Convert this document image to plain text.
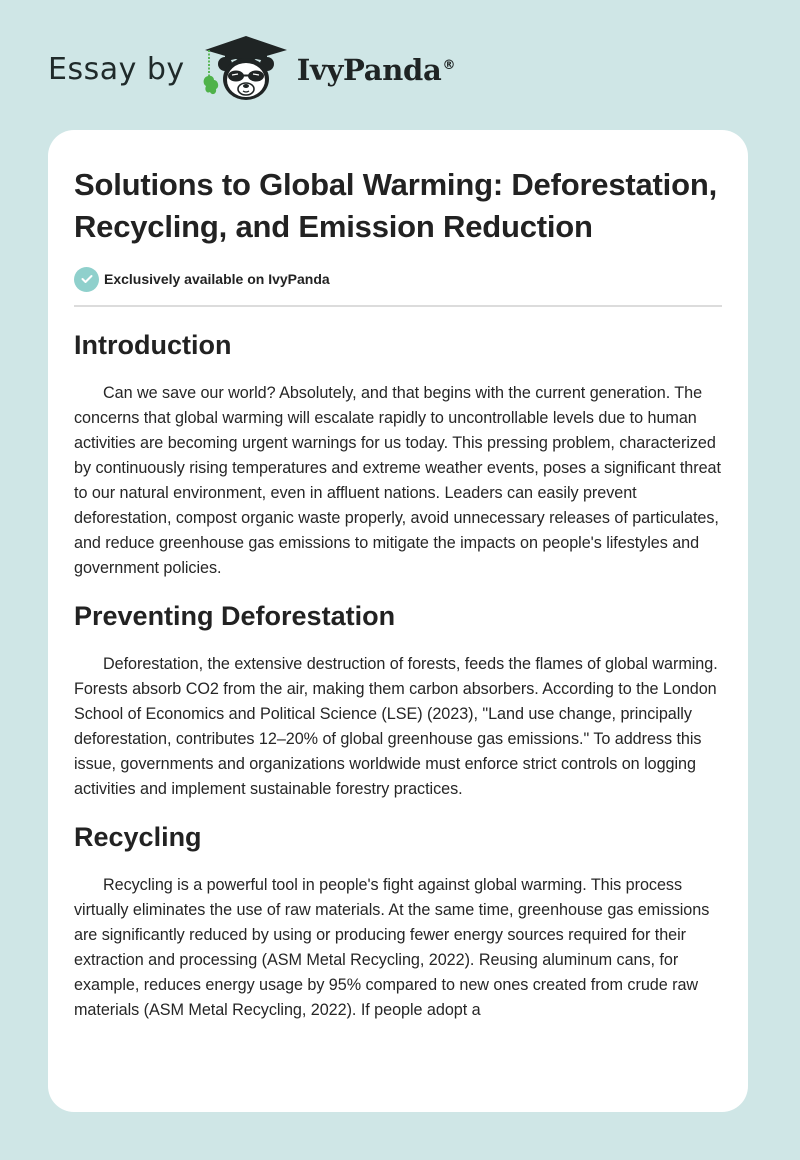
Essay by	IvyPanda®
Solutions to Global Warming: Deforestation, Recycling, and Emission Reduction
Exclusively available on IvyPanda
Introduction

Can we save our world? Absolutely, and that begins with the current generation. The concerns that global warming will escalate rapidly to uncontrollable levels due to human activities are becoming urgent warnings for us today. This pressing problem, characterized by continuously rising temperatures and extreme weather events, poses a significant threat to our natural environment, even in affluent nations. Leaders can easily prevent deforestation, compost organic waste properly, avoid unnecessary releases of particulates, and reduce greenhouse gas emissions to mitigate the impacts on people's lifestyles and government policies.

Preventing Deforestation

Deforestation, the extensive destruction of forests, feeds the flames of global warming. Forests absorb CO2 from the air, making them carbon absorbers. According to the London School of Economics and Political Science (LSE) (2023), "Land use change, principally deforestation, contributes 12–20% of global greenhouse gas emissions." To address this issue, governments and organizations worldwide must enforce strict controls on logging activities and implement sustainable forestry practices.

Recycling

Recycling is a powerful tool in people's fight against global warming. This process virtually eliminates the use of raw materials. At the same time, greenhouse gas emissions are significantly reduced by using or producing fewer energy sources required for their extraction and processing (ASM Metal Recycling, 2022). Reusing aluminum cans, for example, reduces energy usage by 95% compared to new ones created from crude raw materials (ASM Metal Recycling, 2022). If people adopt a
